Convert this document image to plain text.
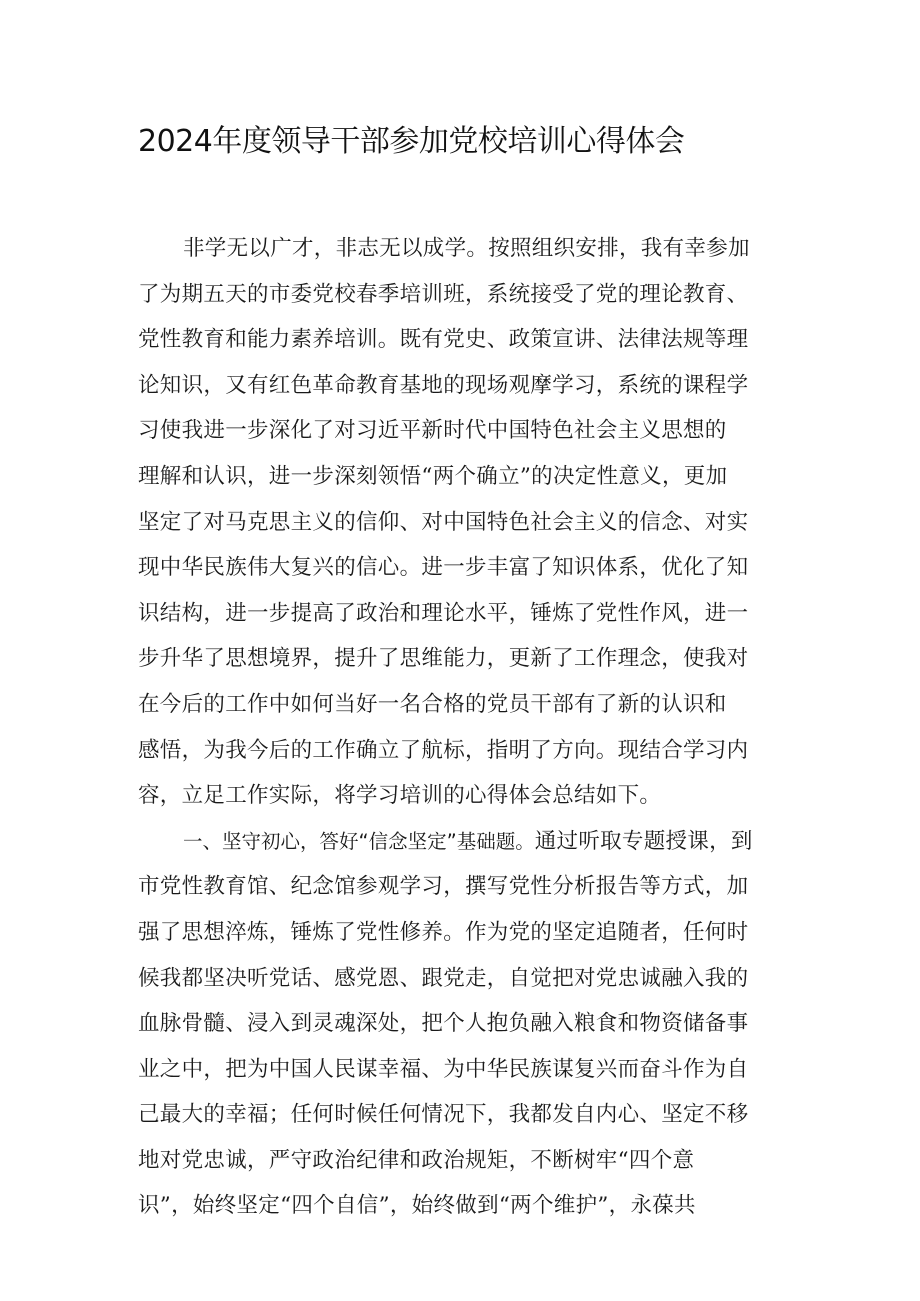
2024年度领导干部参加党校培训心得体会
非学无以广才，非志无以成学。按照组织安排，我有幸参加
了为期五天的市委党校春季培训班，系统接受了党的理论教育、
党性教育和能力素养培训。既有党史、政策宣讲、法律法规等理
论知识，又有红色革命教育基地的现场观摩学习，系统的课程学
习使我进一步深化了对习近平新时代中国特色社会主义思想的
理解和认识，进一步深刻领悟“两个确立”的决定性意义，更加
坚定了对马克思主义的信仰、对中国特色社会主义的信念、对实
现中华民族伟大复兴的信心。进一步丰富了知识体系，优化了知
识结构，进一步提高了政治和理论水平，锤炼了党性作风，进一
步升华了思想境界，提升了思维能力，更新了工作理念，使我对
在今后的工作中如何当好一名合格的党员干部有了新的认识和
感悟，为我今后的工作确立了航标，指明了方向。现结合学习内
容，立足工作实际，将学习培训的心得体会总结如下。
一、坚守初心，答好“信念坚定”基础题。通过听取专题授课，到
市党性教育馆、纪念馆参观学习，撰写党性分析报告等方式，加
强了思想淬炼，锤炼了党性修养。作为党的坚定追随者，任何时
候我都坚决听党话、感党恩、跟党走，自觉把对党忠诚融入我的
血脉骨髓、浸入到灵魂深处，把个人抱负融入粮食和物资储备事
业之中，把为中国人民谋幸福、为中华民族谋复兴而奋斗作为自
己最大的幸福；任何时候任何情况下，我都发自内心、坚定不移
地对党忠诚，严守政治纪律和政治规矩，不断树牢“四个意
识”，始终坚定“四个自信”，始终做到“两个维护”，永葆共
